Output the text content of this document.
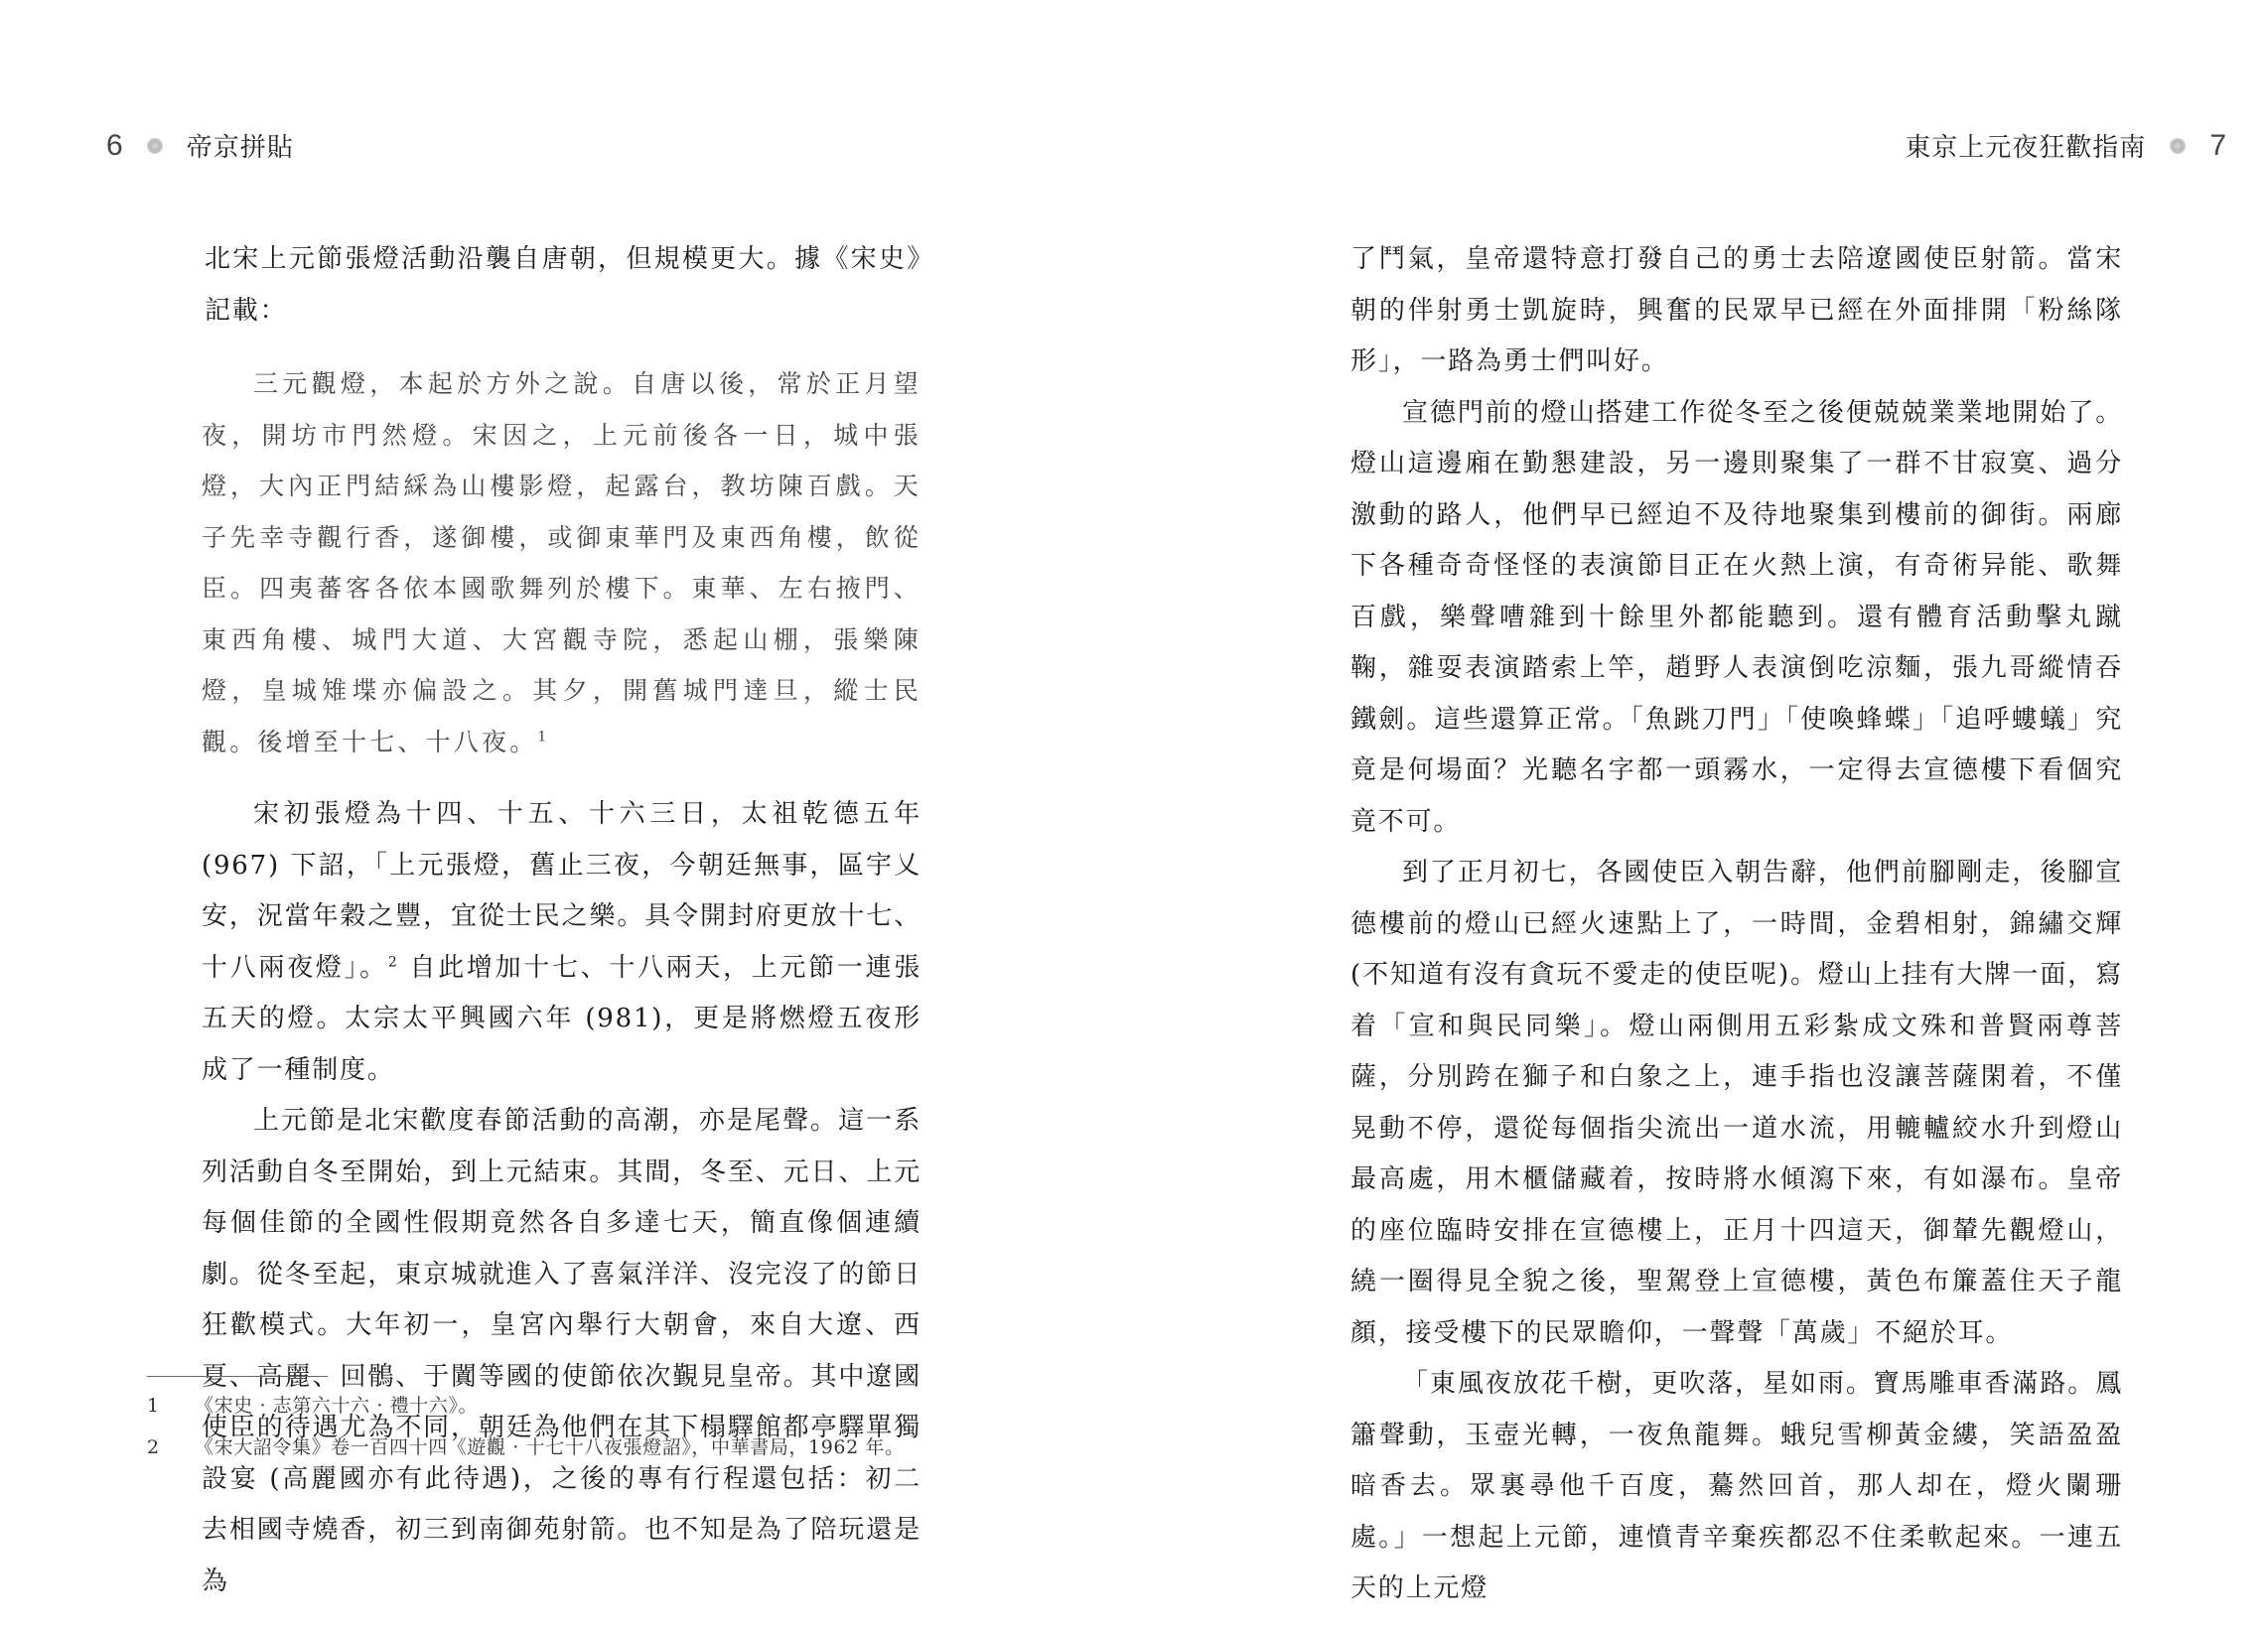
6 帝京拼貼

北宋上元節張燈活動沿襲自唐朝，但規模更大。據《宋史》記載：

三元觀燈，本起於方外之說。自唐以後，常於正月望夜，開坊市門然燈。宋因之，上元前後各一日，城中張燈，大內正門結綵為山樓影燈，起露台，教坊陳百戲。天子先幸寺觀行香，遂御樓，或御東華門及東西角樓，飲從臣。四夷蕃客各依本國歌舞列於樓下。東華、左右掖門、東西角樓、城門大道、大宮觀寺院，悉起山棚，張樂陳燈，皇城雉堞亦偏設之。其夕，開舊城門達旦，縱士民觀。後增至十七、十八夜。$^1$

宋初張燈為十四、十五、十六三日，太祖乾德五年 (967) 下詔，「上元張燈，舊止三夜，今朝廷無事，區宇乂安，況當年穀之豐，宜從士民之樂。具令開封府更放十七、十八兩夜燈」。$^2$ 自此增加十七、十八兩天，上元節一連張五天的燈。太宗太平興國六年 (981)，更是將燃燈五夜形成了一種制度。

上元節是北宋歡度春節活動的高潮，亦是尾聲。這一系列活動自冬至開始，到上元結束。其間，冬至、元日、上元每個佳節的全國性假期竟然各自多達七天，簡直像個連續劇。從冬至起，東京城就進入了喜氣洋洋、沒完沒了的節日狂歡模式。大年初一，皇宮內舉行大朝會，來自大遼、西夏、高麗、回鶻、于闐等國的使節依次覲見皇帝。其中遼國使臣的待遇尤為不同，朝廷為他們在其下榻驛館都亭驛單獨設宴 (高麗國亦有此待遇)，之後的專有行程還包括：初二去相國寺燒香，初三到南御苑射箭。也不知是為了陪玩還是為

1	《宋史 · 志第六十六 · 禮十六》。
2	《宋大詔令集》卷一百四十四《遊觀 · 十七十八夜張燈詔》，中華書局，1962 年。
東京上元夜狂歡指南 7

了鬥氣，皇帝還特意打發自己的勇士去陪遼國使臣射箭。當宋朝的伴射勇士凱旋時，興奮的民眾早已經在外面排開「粉絲隊形」，一路為勇士們叫好。

宣德門前的燈山搭建工作從冬至之後便兢兢業業地開始了。燈山這邊廂在勤懇建設，另一邊則聚集了一群不甘寂寞、過分激動的路人，他們早已經迫不及待地聚集到樓前的御街。兩廊下各種奇奇怪怪的表演節目正在火熱上演，有奇術异能、歌舞百戲，樂聲嘈雜到十餘里外都能聽到。還有體育活動擊丸蹴鞠，雜耍表演踏索上竿，趙野人表演倒吃涼麵，張九哥縱情吞鐵劍。這些還算正常。「魚跳刀門」「使喚蜂蝶」「追呼螻蟻」究竟是何場面？光聽名字都一頭霧水，一定得去宣德樓下看個究竟不可。

到了正月初七，各國使臣入朝告辭，他們前腳剛走，後腳宣德樓前的燈山已經火速點上了，一時間，金碧相射，錦繡交輝 (不知道有沒有貪玩不愛走的使臣呢)。燈山上挂有大牌一面，寫着「宣和與民同樂」。燈山兩側用五彩紮成文殊和普賢兩尊菩薩，分別跨在獅子和白象之上，連手指也沒讓菩薩閑着，不僅晃動不停，還從每個指尖流出一道水流，用轆轤絞水升到燈山最高處，用木櫃儲藏着，按時將水傾瀉下來，有如瀑布。皇帝的座位臨時安排在宣德樓上，正月十四這天，御輦先觀燈山，繞一圈得見全貌之後，聖駕登上宣德樓，黃色布簾蓋住天子龍顏，接受樓下的民眾瞻仰，一聲聲「萬歲」不絕於耳。

「東風夜放花千樹，更吹落，星如雨。寶馬雕車香滿路。鳳簫聲動，玉壺光轉，一夜魚龍舞。蛾兒雪柳黃金縷，笑語盈盈暗香去。眾裏尋他千百度，驀然回首，那人却在，燈火闌珊處。」一想起上元節，連憤青辛棄疾都忍不住柔軟起來。一連五天的上元燈
